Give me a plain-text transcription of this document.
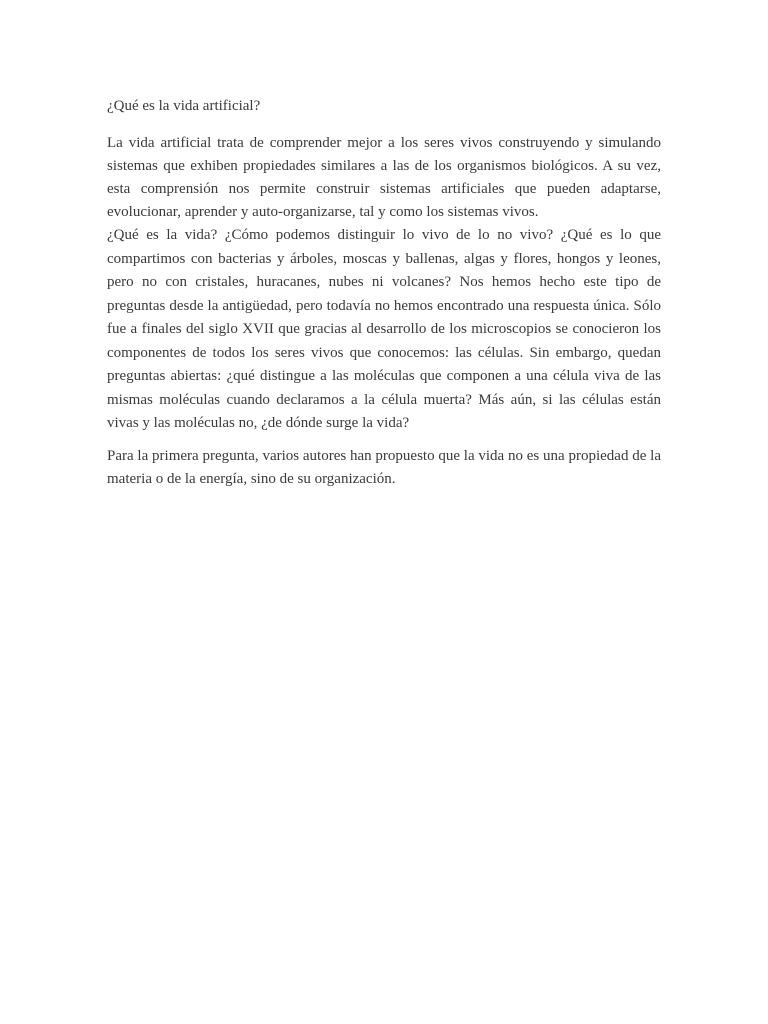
¿Qué es la vida artificial?

La vida artificial trata de comprender mejor a los seres vivos construyendo y simulando sistemas que exhiben propiedades similares a las de los organismos biológicos. A su vez, esta comprensión nos permite construir sistemas artificiales que pueden adaptarse, evolucionar, aprender y auto-organizarse, tal y como los sistemas vivos.

¿Qué es la vida? ¿Cómo podemos distinguir lo vivo de lo no vivo? ¿Qué es lo que compartimos con bacterias y árboles, moscas y ballenas, algas y flores, hongos y leones, pero no con cristales, huracanes, nubes ni volcanes? Nos hemos hecho este tipo de preguntas desde la antigüedad, pero todavía no hemos encontrado una respuesta única. Sólo fue a finales del siglo XVII que gracias al desarrollo de los microscopios se conocieron los componentes de todos los seres vivos que conocemos: las células. Sin embargo, quedan preguntas abiertas: ¿qué distingue a las moléculas que componen a una célula viva de las mismas moléculas cuando declaramos a la célula muerta? Más aún, si las células están vivas y las moléculas no, ¿de dónde surge la vida?

Para la primera pregunta, varios autores han propuesto que la vida no es una propiedad de la materia o de la energía, sino de su organización.
